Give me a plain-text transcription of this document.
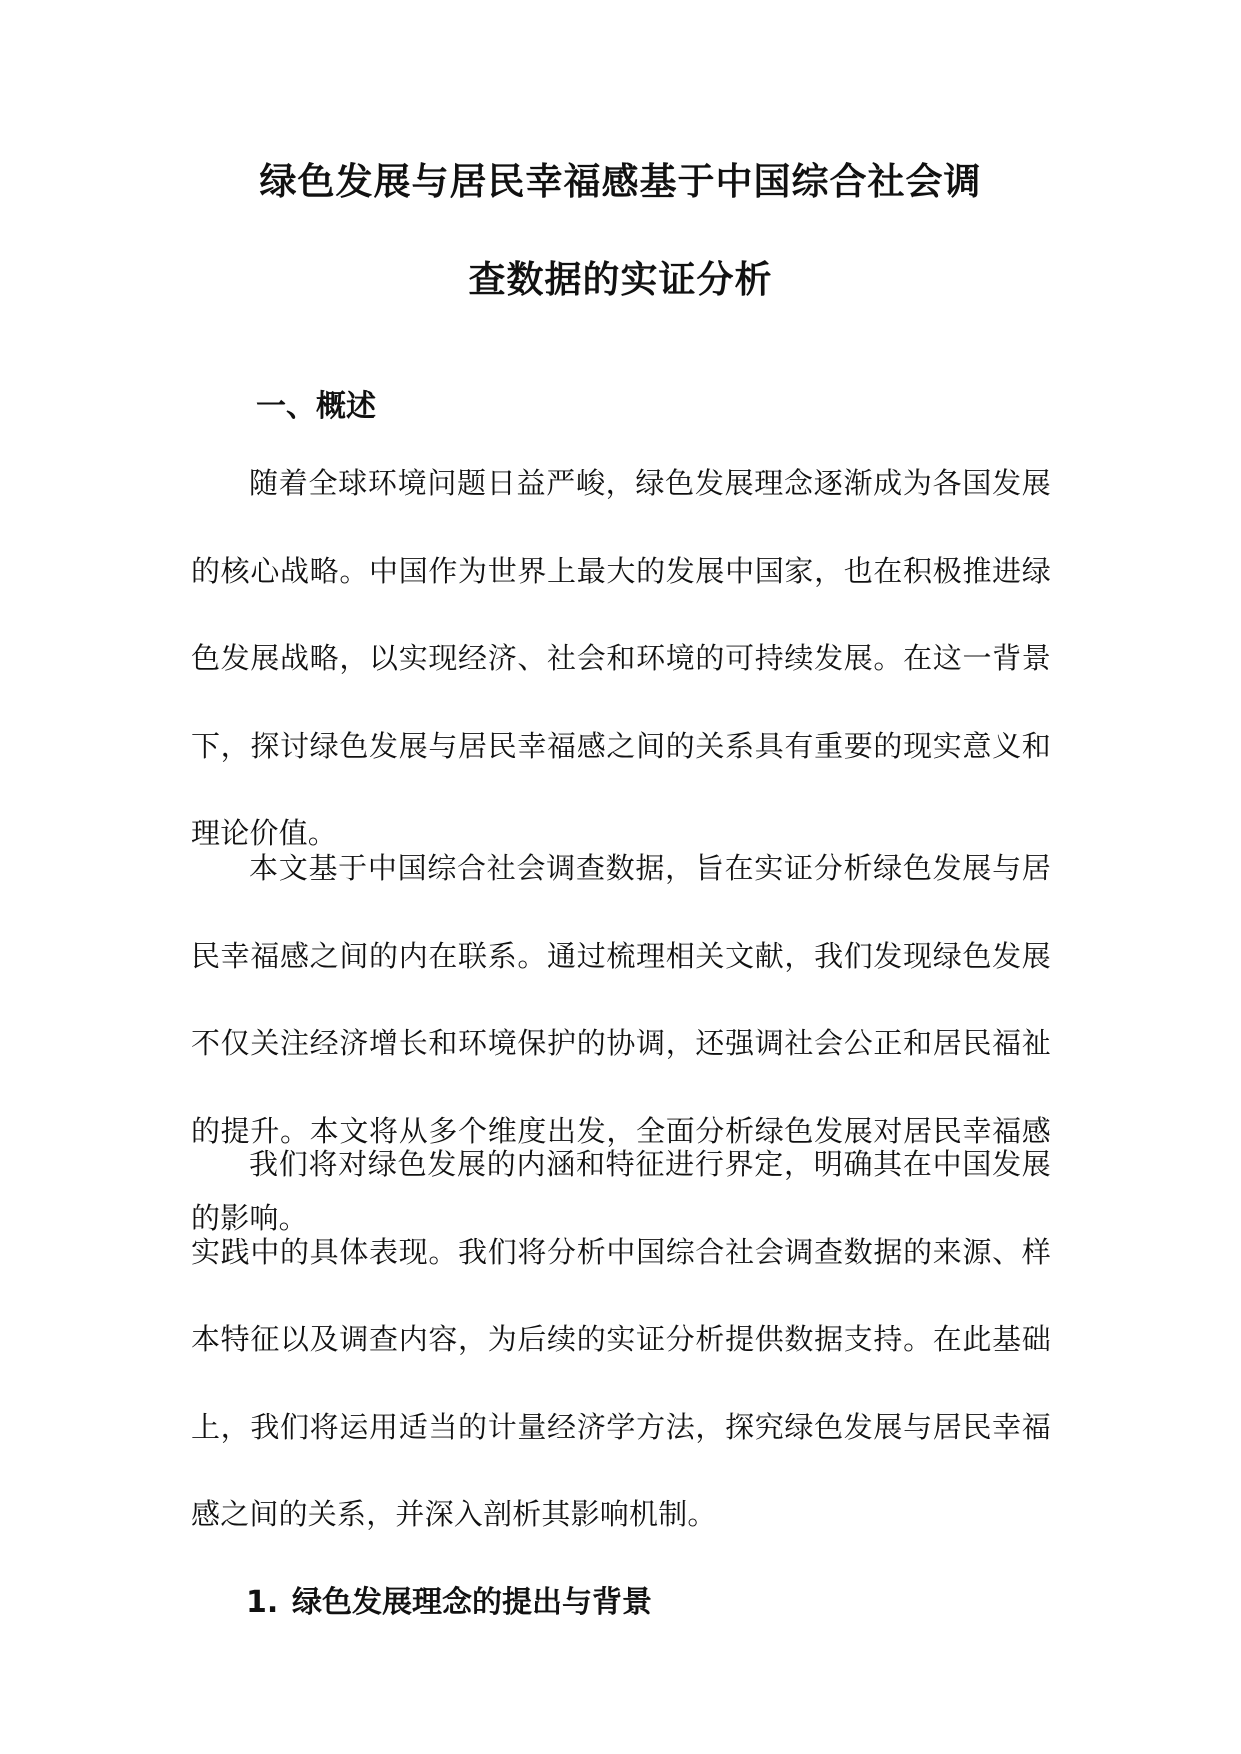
绿色发展与居民幸福感基于中国综合社会调
查数据的实证分析
一、概述

随着全球环境问题日益严峻，绿色发展理念逐渐成为各国发展的核心战略。中国作为世界上最大的发展中国家，也在积极推进绿色发展战略，以实现经济、社会和环境的可持续发展。在这一背景下，探讨绿色发展与居民幸福感之间的关系具有重要的现实意义和理论价值。

本文基于中国综合社会调查数据，旨在实证分析绿色发展与居民幸福感之间的内在联系。通过梳理相关文献，我们发现绿色发展不仅关注经济增长和环境保护的协调，还强调社会公正和居民福祉的提升。本文将从多个维度出发，全面分析绿色发展对居民幸福感的影响。

我们将对绿色发展的内涵和特征进行界定，明确其在中国发展实践中的具体表现。我们将分析中国综合社会调查数据的来源、样本特征以及调查内容，为后续的实证分析提供数据支持。在此基础上，我们将运用适当的计量经济学方法，探究绿色发展与居民幸福感之间的关系，并深入剖析其影响机制。

1. 绿色发展理念的提出与背景
